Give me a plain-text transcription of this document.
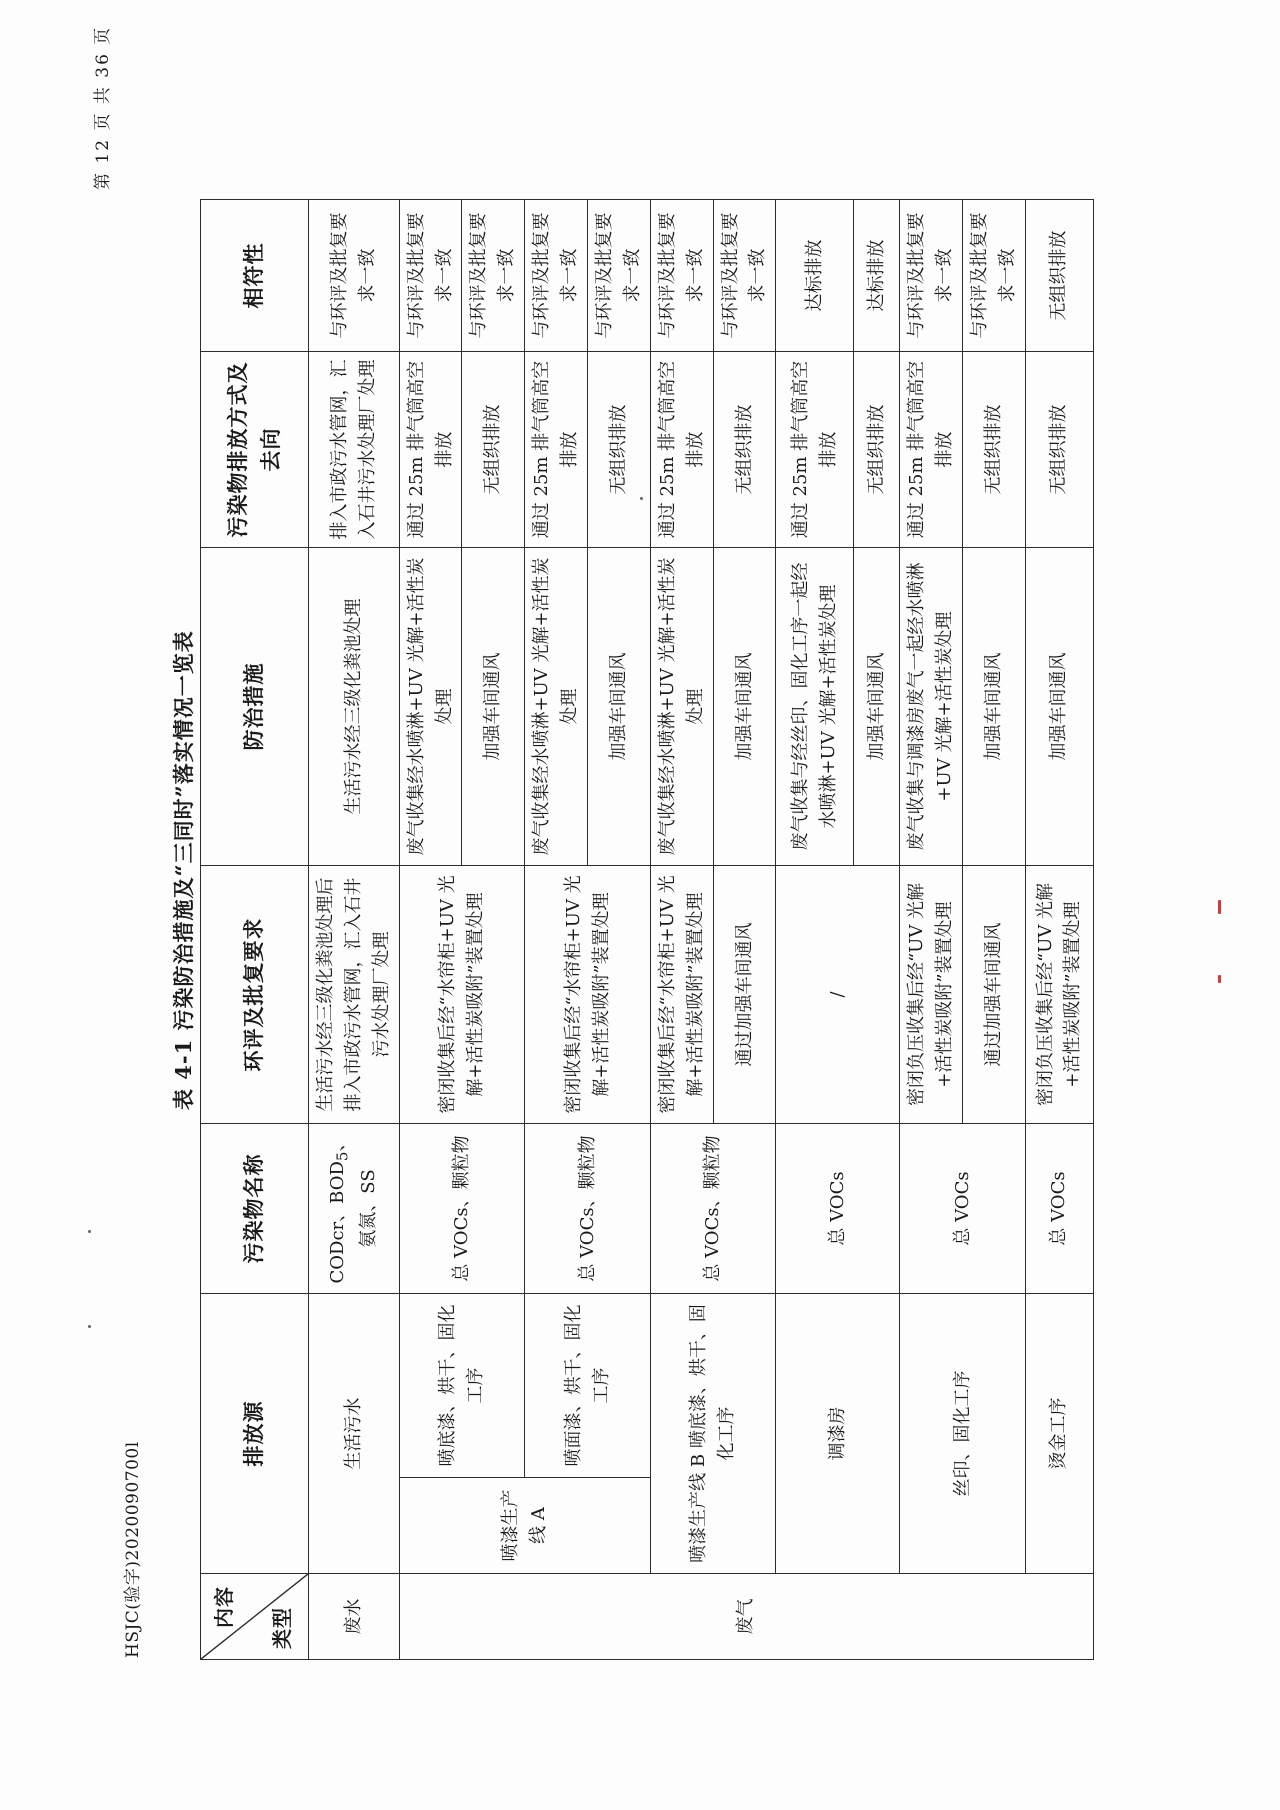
HSJC(验字)2020090700l
第 12 页 共 36 页
表 4-1 污染防治措施及“三同时”落实情况一览表
内容 类型	排放源		污染物名称	环评及批复要求	防治措施	污染物排放方式及去向	相符性
废水	生活污水		CODcr、$BOD_5$、氨氮、SS	生活污水经三级化粪池处理后排入市政污水管网，汇入石井污水处理厂处理	生活污水经三级化粪池处理	排入市政污水管网，汇入石井污水处理厂处理	与环评及批复要求一致
废气	喷漆生产线 A	喷底漆、烘干、固化工序	总 VOCs、颗粒物	密闭收集后经“水帘柜+UV 光解+活性炭吸附”装置处理	废气收集经水喷淋+UV 光解+活性炭处理	通过 25m 排气筒高空排放	与环评及批复要求一致
					加强车间通风	无组织排放	与环评及批复要求一致
		喷面漆、烘干、固化工序	总 VOCs、颗粒物	密闭收集后经“水帘柜+UV 光解+活性炭吸附”装置处理	废气收集经水喷淋+UV 光解+活性炭处理	通过 25m 排气筒高空排放	与环评及批复要求一致
					加强车间通风	无组织排放	与环评及批复要求一致
	喷漆生产线 B 喷底漆、烘干、固化工序		总 VOCs、颗粒物	密闭收集后经“水帘柜+UV 光解+活性炭吸附”装置处理	废气收集经水喷淋+UV 光解+活性炭处理	通过 25m 排气筒高空排放	与环评及批复要求一致
				通过加强车间通风	加强车间通风	无组织排放	与环评及批复要求一致
	调漆房		总 VOCs	/	废气收集与经丝印、固化工序一起经水喷淋+UV 光解+活性炭处理	通过 25m 排气筒高空排放	达标排放
					加强车间通风	无组织排放	达标排放
	丝印、固化工序		总 VOCs	密闭负压收集后经“UV 光解+活性炭吸附”装置处理	废气收集与调漆房废气一起经水喷淋+UV 光解+活性炭处理	通过 25m 排气筒高空排放	与环评及批复要求一致
				通过加强车间通风	加强车间通风	无组织排放	与环评及批复要求一致
	烫金工序		总 VOCs	密闭负压收集后经“UV 光解+活性炭吸附”装置处理	加强车间通风	无组织排放	无组织排放
